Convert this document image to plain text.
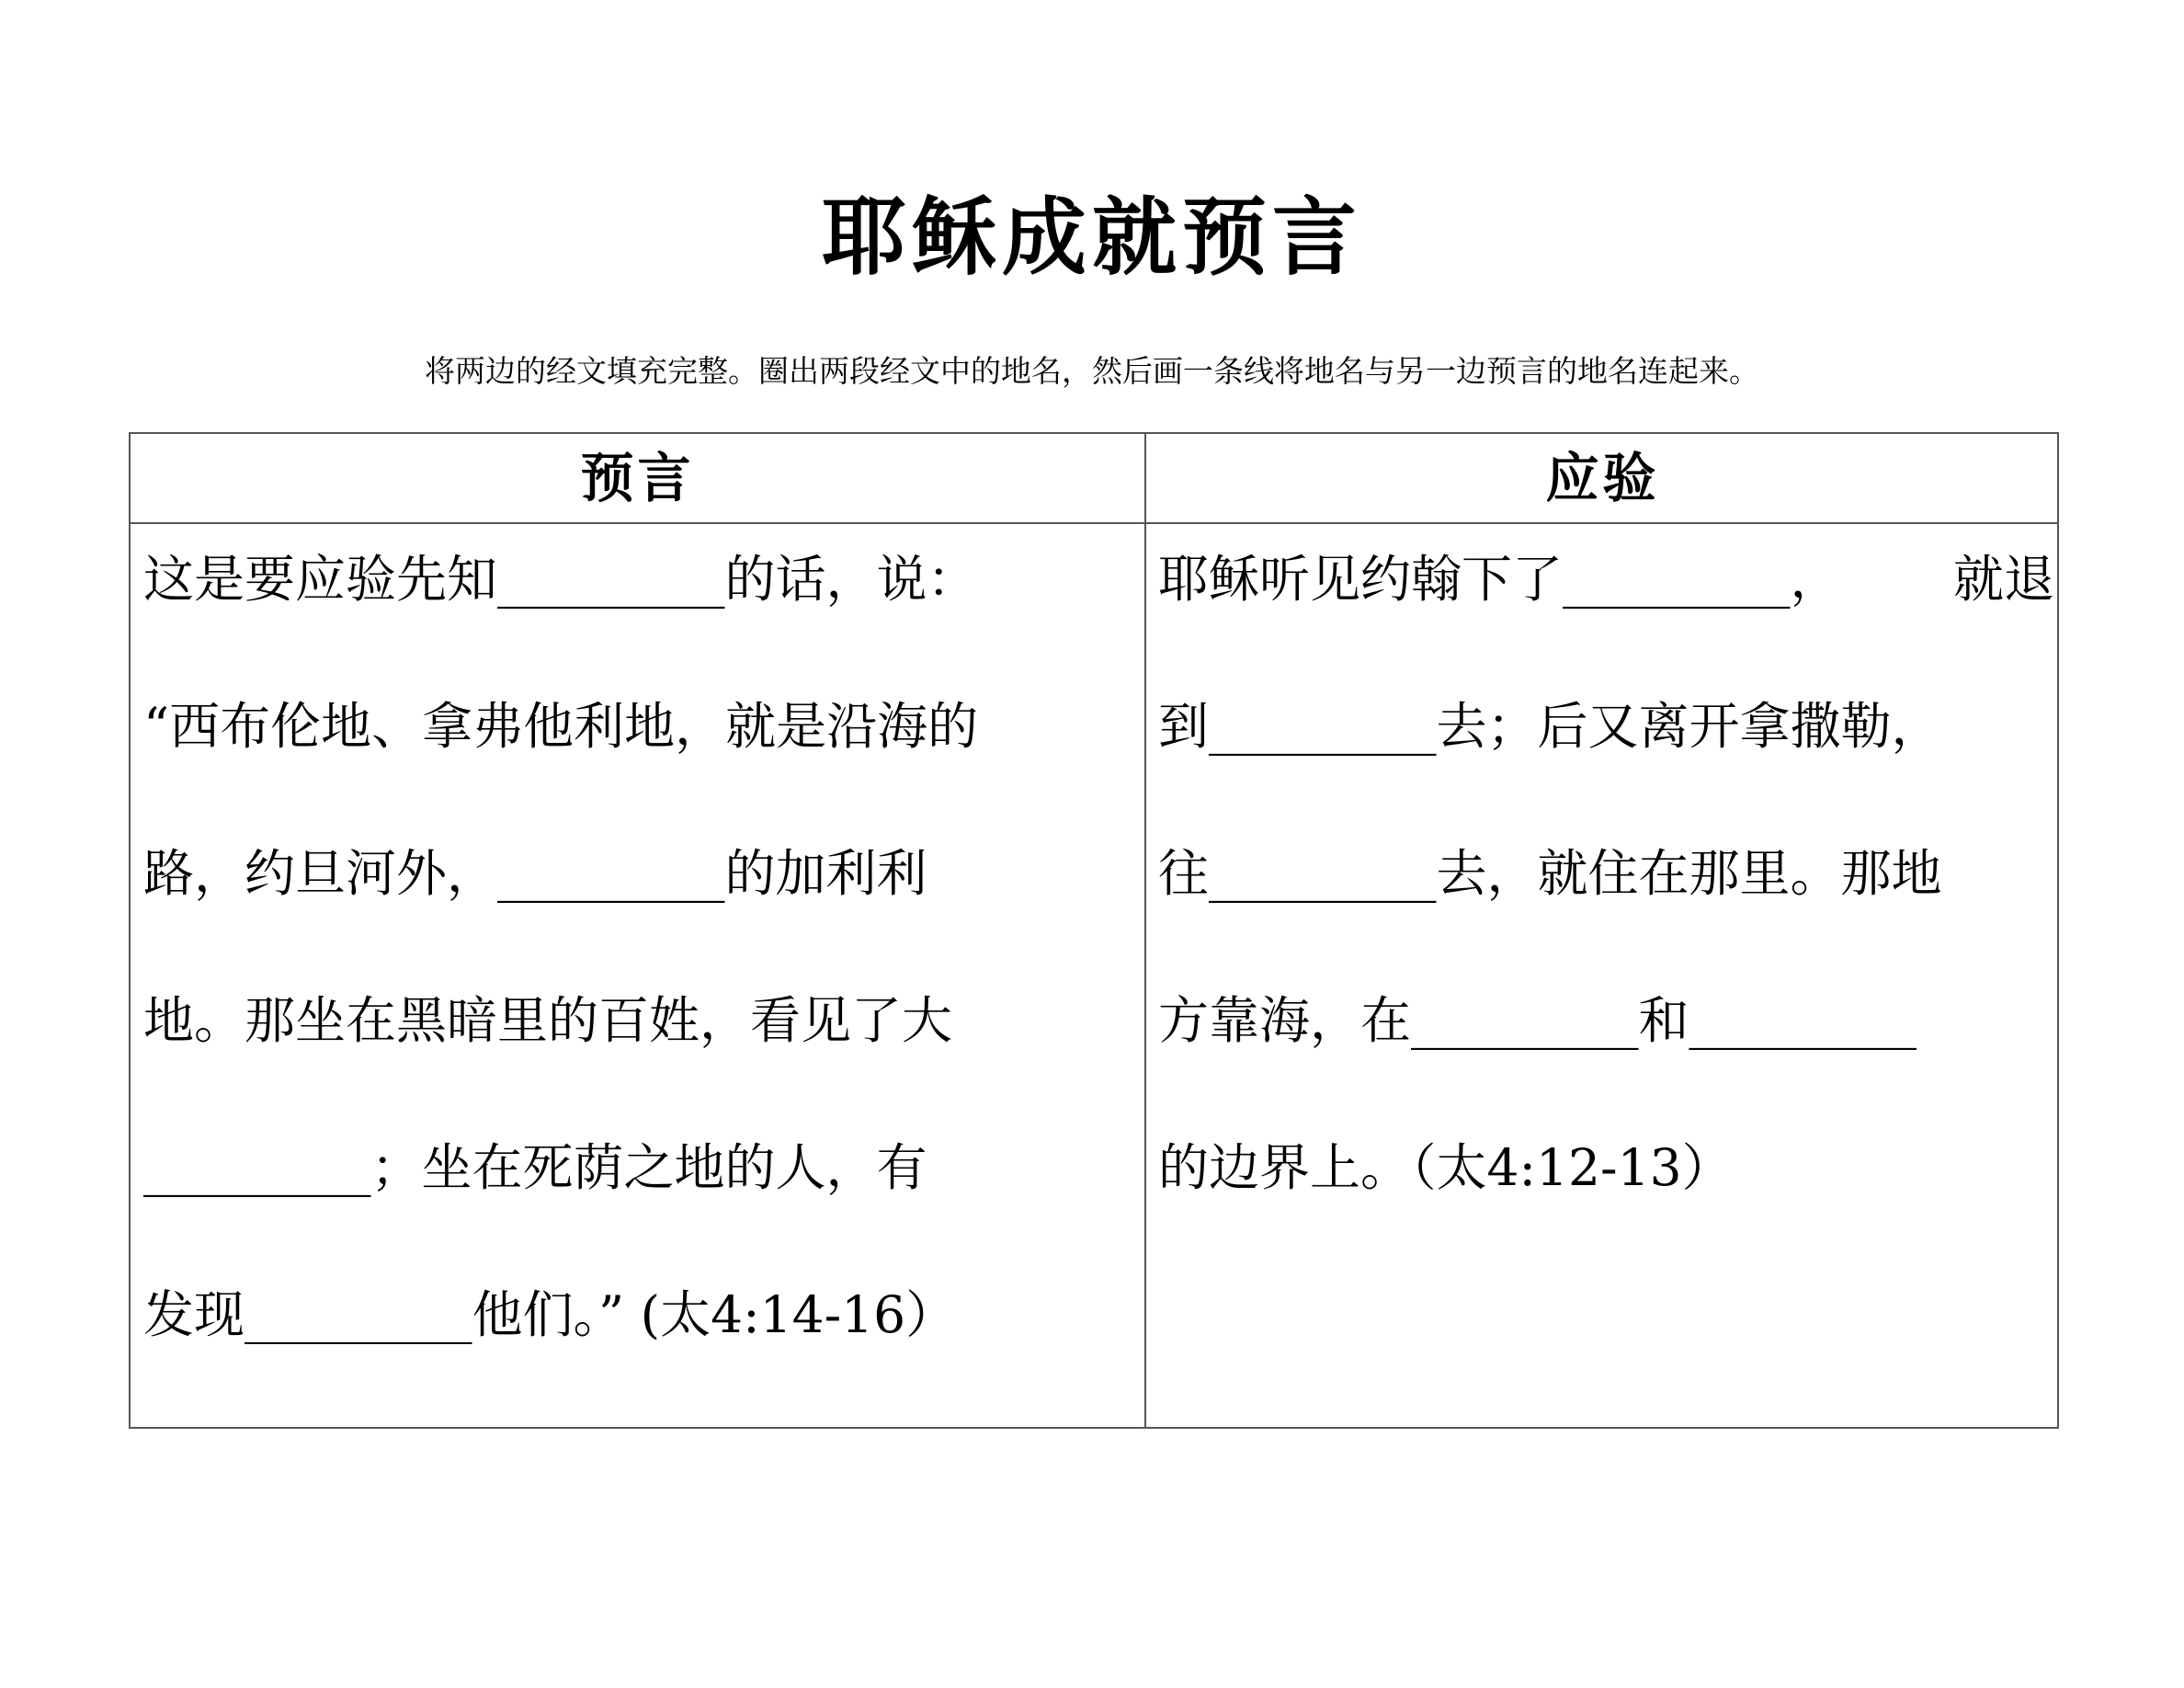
耶稣成就预言
将两边的经文填充完整。圈出两段经文中的地名，然后画一条线将地名与另一边预言的地名连起来。
预言	应验
这是要应验先知_________的话，说：
“西布伦地、拿弗他利地，就是沿海的
路，约旦河外，_________的加利利
地。那坐在黑暗里的百姓，看见了大
_________；坐在死荫之地的人，有
发现_________他们。” (太4:14-16）
耶稣听见约翰下了_________， 就退
到_________去；后又离开拿撒勒，
往_________去，就住在那里。那地
方靠海，在_________和_________
的边界上。（太4:12-13）
